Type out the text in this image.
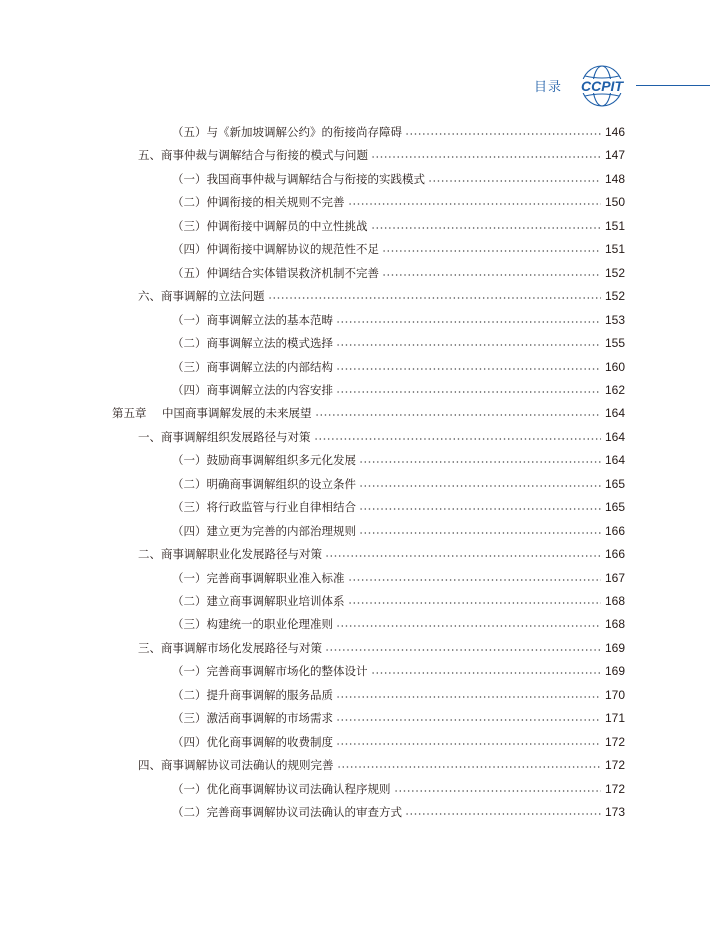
目录 CCPIT
（五）与《新加坡调解公约》的衔接尚存障碍	146
五、商事仲裁与调解结合与衔接的模式与问题	147
（一）我国商事仲裁与调解结合与衔接的实践模式	148
（二）仲调衔接的相关规则不完善	150
（三）仲调衔接中调解员的中立性挑战	151
（四）仲调衔接中调解协议的规范性不足	151
（五）仲调结合实体错误救济机制不完善	152
六、商事调解的立法问题	152
（一）商事调解立法的基本范畴	153
（二）商事调解立法的模式选择	155
（三）商事调解立法的内部结构	160
（四）商事调解立法的内容安排	162
第五章 中国商事调解发展的未来展望	164
一、商事调解组织发展路径与对策	164
（一）鼓励商事调解组织多元化发展	164
（二）明确商事调解组织的设立条件	165
（三）将行政监管与行业自律相结合	165
（四）建立更为完善的内部治理规则	166
二、商事调解职业化发展路径与对策	166
（一）完善商事调解职业准入标准	167
（二）建立商事调解职业培训体系	168
（三）构建统一的职业伦理准则	168
三、商事调解市场化发展路径与对策	169
（一）完善商事调解市场化的整体设计	169
（二）提升商事调解的服务品质	170
（三）激活商事调解的市场需求	171
（四）优化商事调解的收费制度	172
四、商事调解协议司法确认的规则完善	172
（一）优化商事调解协议司法确认程序规则	172
（二）完善商事调解协议司法确认的审查方式	173
